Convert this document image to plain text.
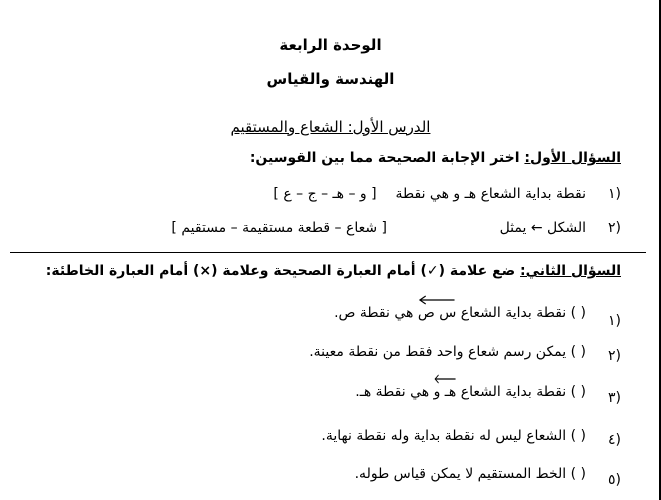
الوحدة الرابعة
الهندسة والقياس
الدرس الأول: الشعاع والمستقيم
السؤال الأول: اختر الإجابة الصحيحة مما بين القوسين:
١)
نقطة بداية الشعاع هـ و هي نقطة  [ و – هـ – ج – ع ]
٢)
الشكل ← يمثل
[ شعاع – قطعة مستقيمة – مستقيم ]
السؤال الثاني: ضع علامة (✓) أمام العبارة الصحيحة وعلامة (×) أمام العبارة الخاطئة:
١)
( ) نقطة بداية الشعاع
س ص هي نقطة ص.
٢)
( ) يمكن رسم شعاع واحد فقط من نقطة معينة.
٣)
( ) نقطة بداية الشعاع
هـ و هي نقطة هـ.
٤)
( ) الشعاع ليس له نقطة بداية وله نقطة نهاية.
٥)
( ) الخط المستقيم لا يمكن قياس طوله.
